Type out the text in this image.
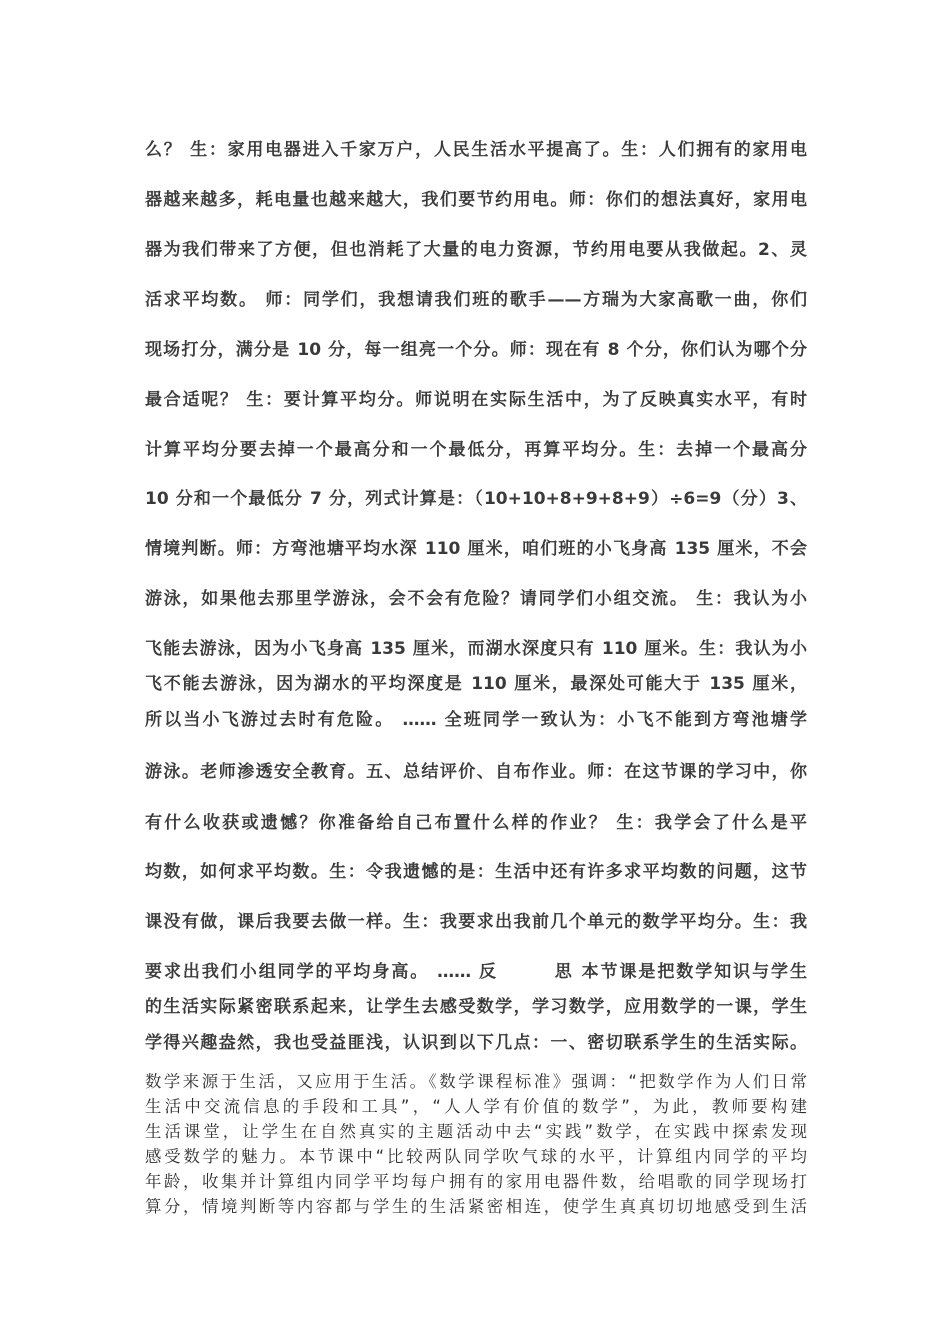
么？ 生：家用电器进入千家万户，人民生活水平提高了。生：人们拥有的家用电
器越来越多，耗电量也越来越大，我们要节约用电。师：你们的想法真好，家用电
器为我们带来了方便，但也消耗了大量的电力资源，节约用电要从我做起。2、灵
活求平均数。 师：同学们，我想请我们班的歌手——方瑞为大家高歌一曲，你们
现场打分，满分是 10 分，每一组亮一个分。师：现在有 8 个分，你们认为哪个分
最合适呢？ 生：要计算平均分。师说明在实际生活中，为了反映真实水平，有时
计算平均分要去掉一个最高分和一个最低分，再算平均分。生：去掉一个最高分
10 分和一个最低分 7 分，列式计算是：（10+10+8+9+8+9）÷6=9（分）3、
情境判断。师：方弯池塘平均水深 110 厘米，咱们班的小飞身高 135 厘米，不会
游泳，如果他去那里学游泳，会不会有危险？请同学们小组交流。 生：我认为小
飞能去游泳，因为小飞身高 135 厘米，而湖水深度只有 110 厘米。生：我认为小
飞不能去游泳，因为湖水的平均深度是 110 厘米，最深处可能大于 135 厘米，
所以当小飞游过去时有危险。 …… 全班同学一致认为：小飞不能到方弯池塘学
游泳。老师渗透安全教育。五、总结评价、自布作业。师：在这节课的学习中，你
有什么收获或遗憾？你准备给自己布置什么样的作业？ 生：我学会了什么是平
均数，如何求平均数。生：令我遗憾的是：生活中还有许多求平均数的问题，这节
课没有做，课后我要去做一样。生：我要求出我前几个单元的数学平均分。生：我
要求出我们小组同学的平均身高。 …… 反　　　思 本节课是把数学知识与学生
的生活实际紧密联系起来，让学生去感受数学，学习数学，应用数学的一课，学生
学得兴趣盎然，我也受益匪浅，认识到以下几点：一、密切联系学生的生活实际。
数学来源于生活，又应用于生活。《数学课程标准》强调：“把数学作为人们日常
生活中交流信息的手段和工具”，“人人学有价值的数学”，为此，教师要构建
生活课堂，让学生在自然真实的主题活动中去“实践”数学，在实践中探索发现
感受数学的魅力。本节课中“比较两队同学吹气球的水平，计算组内同学的平均
年龄，收集并计算组内同学平均每户拥有的家用电器件数，给唱歌的同学现场打
算分，情境判断等内容都与学生的生活紧密相连，使学生真真切切地感受到生活
